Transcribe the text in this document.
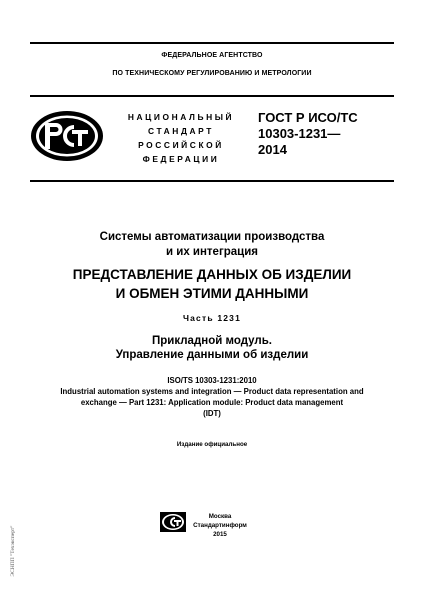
ФЕДЕРАЛЬНОЕ АГЕНТСТВО
ПО ТЕХНИЧЕСКОМУ РЕГУЛИРОВАНИЮ И МЕТРОЛОГИИ
НАЦИОНАЛЬНЫЙ
СТАНДАРТ
РОССИЙСКОЙ
ФЕДЕРАЦИИ
ГОСТ Р ИСО/ТС
10303-1231—
2014
Системы автоматизации производства
и их интеграция
ПРЕДСТАВЛЕНИЕ ДАННЫХ ОБ ИЗДЕЛИИ
И ОБМЕН ЭТИМИ ДАННЫМИ
Часть 1231
Прикладной модуль.
Управление данными об изделии
ISO/TS 10303-1231:2010
Industrial automation systems and integration — Product data representation and
exchange — Part 1231: Application module: Product data management
(IDT)
Издание официальное
Москва
Стандартинформ
2015
ЭСНПП "Техэксперт"
